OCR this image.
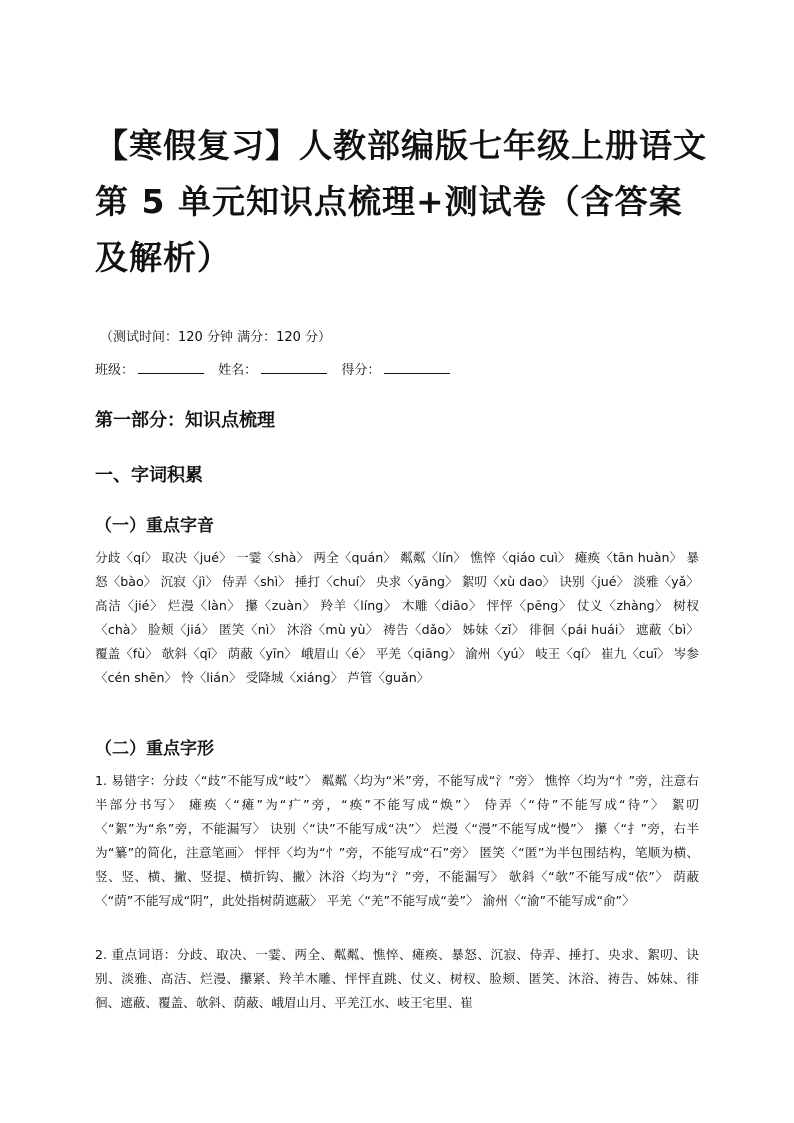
【寒假复习】人教部编版七年级上册语文第 5 单元知识点梳理+测试卷（含答案及解析）
（测试时间：120 分钟 满分：120 分）
班级：	姓名：	得分：
第一部分：知识点梳理
一、字词积累
（一）重点字音
分歧〈qí〉 取决〈jué〉 一霎〈shà〉 两全〈quán〉 粼粼〈lín〉 憔悴〈qiáo cuì〉 瘫痪〈tān huàn〉 暴怒〈bào〉 沉寂〈jì〉 侍弄〈shì〉 捶打〈chuí〉 央求〈yāng〉 絮叨〈xù dao〉 诀别〈jué〉 淡雅〈yǎ〉 高洁〈jié〉 烂漫〈làn〉 攥〈zuàn〉 羚羊〈líng〉 木雕〈diāo〉 怦怦〈pēng〉 仗义〈zhàng〉 树杈〈chà〉 脸颊〈jiá〉 匿笑〈nì〉 沐浴〈mù yù〉 祷告〈dǎo〉 姊妹〈zǐ〉 徘徊〈pái huái〉 遮蔽〈bì〉 覆盖〈fù〉 欹斜〈qī〉 荫蔽〈yīn〉 峨眉山〈é〉 平羌〈qiāng〉 渝州〈yú〉 岐王〈qí〉 崔九〈cuī〉 岑参〈cén shēn〉 怜〈lián〉 受降城〈xiáng〉 芦管〈guǎn〉
（二）重点字形
1. 易错字：分歧〈“歧”不能写成“岐”〉 粼粼〈均为“米”旁，不能写成“氵”旁〉 憔悴〈均为“忄”旁，注意右半部分书写〉 瘫痪〈“瘫”为“疒”旁，“痪”不能写成“焕”〉 侍弄〈“侍”不能写成“待”〉 絮叨〈“絮”为“糸”旁，不能漏写〉 诀别〈“诀”不能写成“决”〉 烂漫〈“漫”不能写成“慢”〉 攥〈“扌”旁，右半为“纂”的简化，注意笔画〉 怦怦〈均为“忄”旁，不能写成“石”旁〉 匿笑〈“匿”为半包围结构，笔顺为横、竖、竖、横、撇、竖提、横折钩、撇〉沐浴〈均为“氵”旁，不能漏写〉 欹斜〈“欹”不能写成“依”〉 荫蔽〈“荫”不能写成“阴”，此处指树荫遮蔽〉 平羌〈“羌”不能写成“姜”〉 渝州〈“渝”不能写成“俞”〉
2. 重点词语：分歧、取决、一霎、两全、粼粼、憔悴、瘫痪、暴怒、沉寂、侍弄、捶打、央求、絮叨、诀别、淡雅、高洁、烂漫、攥紧、羚羊木雕、怦怦直跳、仗义、树杈、脸颊、匿笑、沐浴、祷告、姊妹、徘徊、遮蔽、覆盖、欹斜、荫蔽、峨眉山月、平羌江水、岐王宅里、崔
